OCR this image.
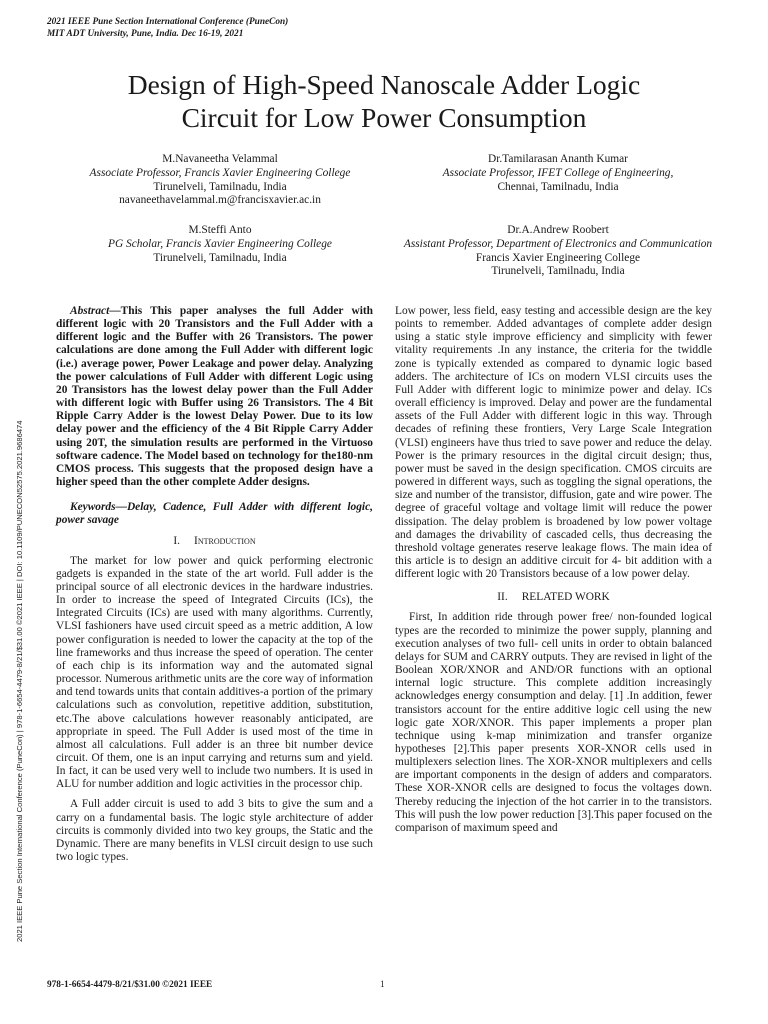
2021 IEEE Pune Section International Conference (PuneCon)
MIT ADT University, Pune, India. Dec 16-19, 2021
Design of High-Speed Nanoscale Adder Logic
Circuit for Low Power Consumption
M.Navaneetha Velammal
Associate Professor, Francis Xavier Engineering College
Tirunelveli, Tamilnadu, India
navaneethavelammal.m@francisxavier.ac.in
M.Steffi Anto
PG Scholar, Francis Xavier Engineering College
Tirunelveli, Tamilnadu, India
Dr.Tamilarasan Ananth Kumar
Associate Professor, IFET College of Engineering,
Chennai, Tamilnadu, India
Dr.A.Andrew Roobert
Assistant Professor, Department of Electronics and Communication
Francis Xavier Engineering College
Tirunelveli, Tamilnadu, India

Abstract—This This paper analyses the full Adder with different logic with 20 Transistors and the Full Adder with a different logic and the Buffer with 26 Transistors. The power calculations are done among the Full Adder with different logic (i.e.) average power, Power Leakage and power delay. Analyzing the power calculations of Full Adder with different Logic using 20 Transistors has the lowest delay power than the Full Adder with different logic with Buffer using 26 Transistors. The 4 Bit Ripple Carry Adder is the lowest Delay Power. Due to its low delay power and the efficiency of the 4 Bit Ripple Carry Adder using 20T, the simulation results are performed in the Virtuoso software cadence. The Model based on technology for the180-nm CMOS process. This suggests that the proposed design have a higher speed than the other complete Adder designs.

Keywords—Delay, Cadence, Full Adder with different logic, power savage

I. Introduction

The market for low power and quick performing electronic gadgets is expanded in the state of the art world. Full adder is the principal source of all electronic devices in the hardware industries. In order to increase the speed of Integrated Circuits (ICs), the Integrated Circuits (ICs) are used with many algorithms. Currently, VLSI fashioners have used circuit speed as a metric addition, A low power configuration is needed to lower the capacity at the top of the line frameworks and thus increase the speed of operation. The center of each chip is its information way and the automated signal processor. Numerous arithmetic units are the core way of information and tend towards units that contain additives-a portion of the primary calculations such as convolution, repetitive addition, substitution, etc.The above calculations however reasonably anticipated, are appropriate in speed. The Full Adder is used most of the time in almost all calculations. Full adder is an three bit number device circuit. Of them, one is an input carrying and returns sum and yield. In fact, it can be used very well to include two numbers. It is used in ALU for number addition and logic activities in the processor chip.

A Full adder circuit is used to add 3 bits to give the sum and a carry on a fundamental basis. The logic style architecture of adder circuits is commonly divided into two key groups, the Static and the Dynamic. There are many benefits in VLSI circuit design to use such two logic types.

Low power, less field, easy testing and accessible design are the key points to remember. Added advantages of complete adder design using a static style improve efficiency and simplicity with fewer vitality requirements .In any instance, the criteria for the twiddle zone is typically extended as compared to dynamic logic based adders. The architecture of ICs on modern VLSI circuits uses the Full Adder with different logic to minimize power and delay. ICs overall efficiency is improved. Delay and power are the fundamental assets of the Full Adder with different logic in this way. Through decades of refining these frontiers, Very Large Scale Integration (VLSI) engineers have thus tried to save power and reduce the delay. Power is the primary resources in the digital circuit design; thus, power must be saved in the design specification. CMOS circuits are powered in different ways, such as toggling the signal operations, the size and number of the transistor, diffusion, gate and wire power. The degree of graceful voltage and voltage limit will reduce the power dissipation. The delay problem is broadened by low power voltage and damages the drivability of cascaded cells, thus decreasing the threshold voltage generates reserve leakage flows. The main idea of this article is to design an additive circuit for 4- bit addition with a different logic with 20 Transistors because of a low power delay.

II. RELATED WORK

First, In addition ride through power free/ non-founded logical types are the recorded to minimize the power supply, planning and execution analyses of two full- cell units in order to obtain balanced delays for SUM and CARRY outputs. They are revised in light of the Boolean XOR/XNOR and AND/OR functions with an optional internal logic structure. This complete addition increasingly acknowledges energy consumption and delay. [1] .In addition, fewer transistors account for the entire additive logic cell using the new logic gate XOR/XNOR. This paper implements a proper plan technique using k-map minimization and transfer organize hypotheses [2].This paper presents XOR-XNOR cells used in multiplexers selection lines. The XOR-XNOR multiplexers and cells are important components in the design of adders and comparators. These XOR-XNOR cells are designed to focus the voltages down. Thereby reducing the injection of the hot carrier in to the transistors. This will push the low power reduction [3].This paper focused on the comparison of maximum speed and

2021 IEEE Pune Section International Conference (PuneCon) | 978-1-6654-4479-8/21/$31.00 ©2021 IEEE | DOI: 10.1109/PUNECON52575.2021.9686474
978-1-6654-4479-8/21/$31.00 ©2021 IEEE	1
